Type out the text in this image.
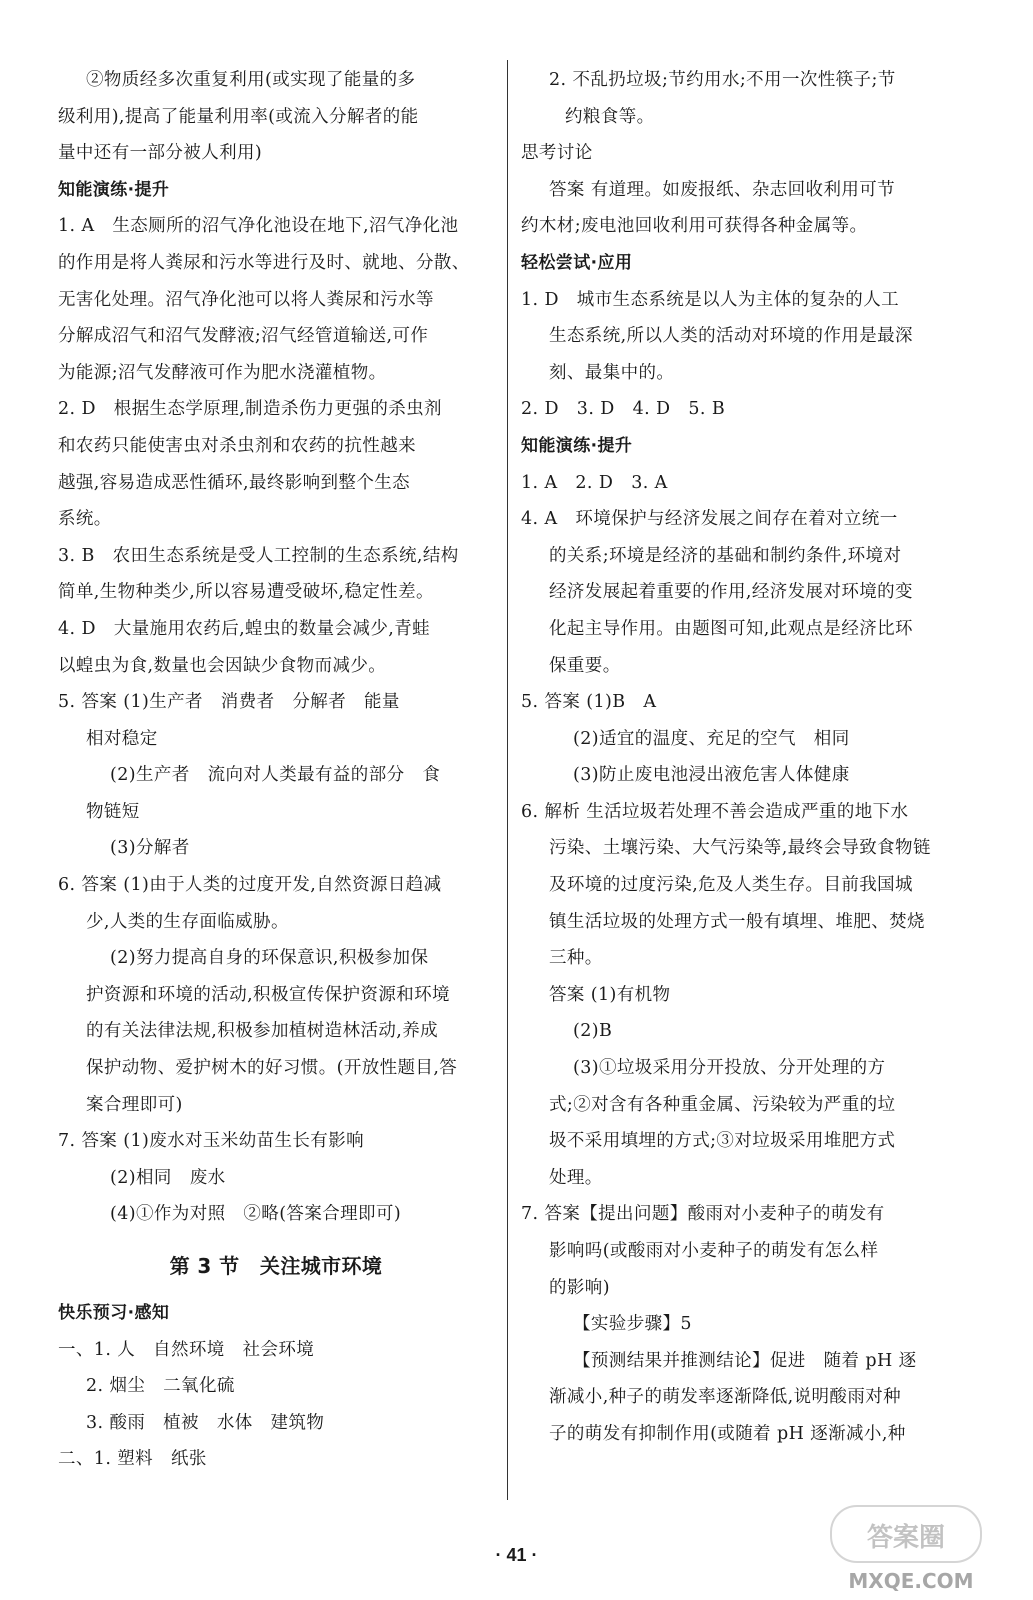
②物质经多次重复利用(或实现了能量的多

级利用),提高了能量利用率(或流入分解者的能

量中还有一部分被人利用)

知能演练·提升

1. A　生态厕所的沼气净化池设在地下,沼气净化池

的作用是将人粪尿和污水等进行及时、就地、分散、

无害化处理。沼气净化池可以将人粪尿和污水等

分解成沼气和沼气发酵液;沼气经管道输送,可作

为能源;沼气发酵液可作为肥水浇灌植物。

2. D　根据生态学原理,制造杀伤力更强的杀虫剂

和农药只能使害虫对杀虫剂和农药的抗性越来

越强,容易造成恶性循环,最终影响到整个生态

系统。

3. B　农田生态系统是受人工控制的生态系统,结构

简单,生物种类少,所以容易遭受破坏,稳定性差。

4. D　大量施用农药后,蝗虫的数量会减少,青蛙

以蝗虫为食,数量也会因缺少食物而减少。

5. 答案 (1)生产者　消费者　分解者　能量

相对稳定

(2)生产者　流向对人类最有益的部分　食

物链短

(3)分解者

6. 答案 (1)由于人类的过度开发,自然资源日趋减

少,人类的生存面临威胁。

(2)努力提高自身的环保意识,积极参加保

护资源和环境的活动,积极宣传保护资源和环境

的有关法律法规,积极参加植树造林活动,养成

保护动物、爱护树木的好习惯。(开放性题目,答

案合理即可)

7. 答案 (1)废水对玉米幼苗生长有影响

(2)相同　废水

(4)①作为对照　②略(答案合理即可)

第 3 节　关注城市环境

快乐预习·感知

一、1. 人　自然环境　社会环境

2. 烟尘　二氧化硫

3. 酸雨　植被　水体　建筑物

二、1. 塑料　纸张

2. 不乱扔垃圾;节约用水;不用一次性筷子;节

约粮食等。

思考讨论

答案 有道理。如废报纸、杂志回收利用可节

约木材;废电池回收利用可获得各种金属等。

轻松尝试·应用

1. D　城市生态系统是以人为主体的复杂的人工

生态系统,所以人类的活动对环境的作用是最深

刻、最集中的。

2. D　3. D　4. D　5. B

知能演练·提升

1. A　2. D　3. A

4. A　环境保护与经济发展之间存在着对立统一

的关系;环境是经济的基础和制约条件,环境对

经济发展起着重要的作用,经济发展对环境的变

化起主导作用。由题图可知,此观点是经济比环

保重要。

5. 答案 (1)B　A

(2)适宜的温度、充足的空气　相同

(3)防止废电池浸出液危害人体健康

6. 解析 生活垃圾若处理不善会造成严重的地下水

污染、土壤污染、大气污染等,最终会导致食物链

及环境的过度污染,危及人类生存。目前我国城

镇生活垃圾的处理方式一般有填埋、堆肥、焚烧

三种。

答案 (1)有机物

(2)B

(3)①垃圾采用分开投放、分开处理的方

式;②对含有各种重金属、污染较为严重的垃

圾不采用填埋的方式;③对垃圾采用堆肥方式

处理。

7. 答案【提出问题】酸雨对小麦种子的萌发有

影响吗(或酸雨对小麦种子的萌发有怎么样

的影响)

【实验步骤】5

【预测结果并推测结论】促进　随着 pH 逐

渐减小,种子的萌发率逐渐降低,说明酸雨对种

子的萌发有抑制作用(或随着 pH 逐渐减小,种

· 41 ·
答案圈
MXQE.COM
